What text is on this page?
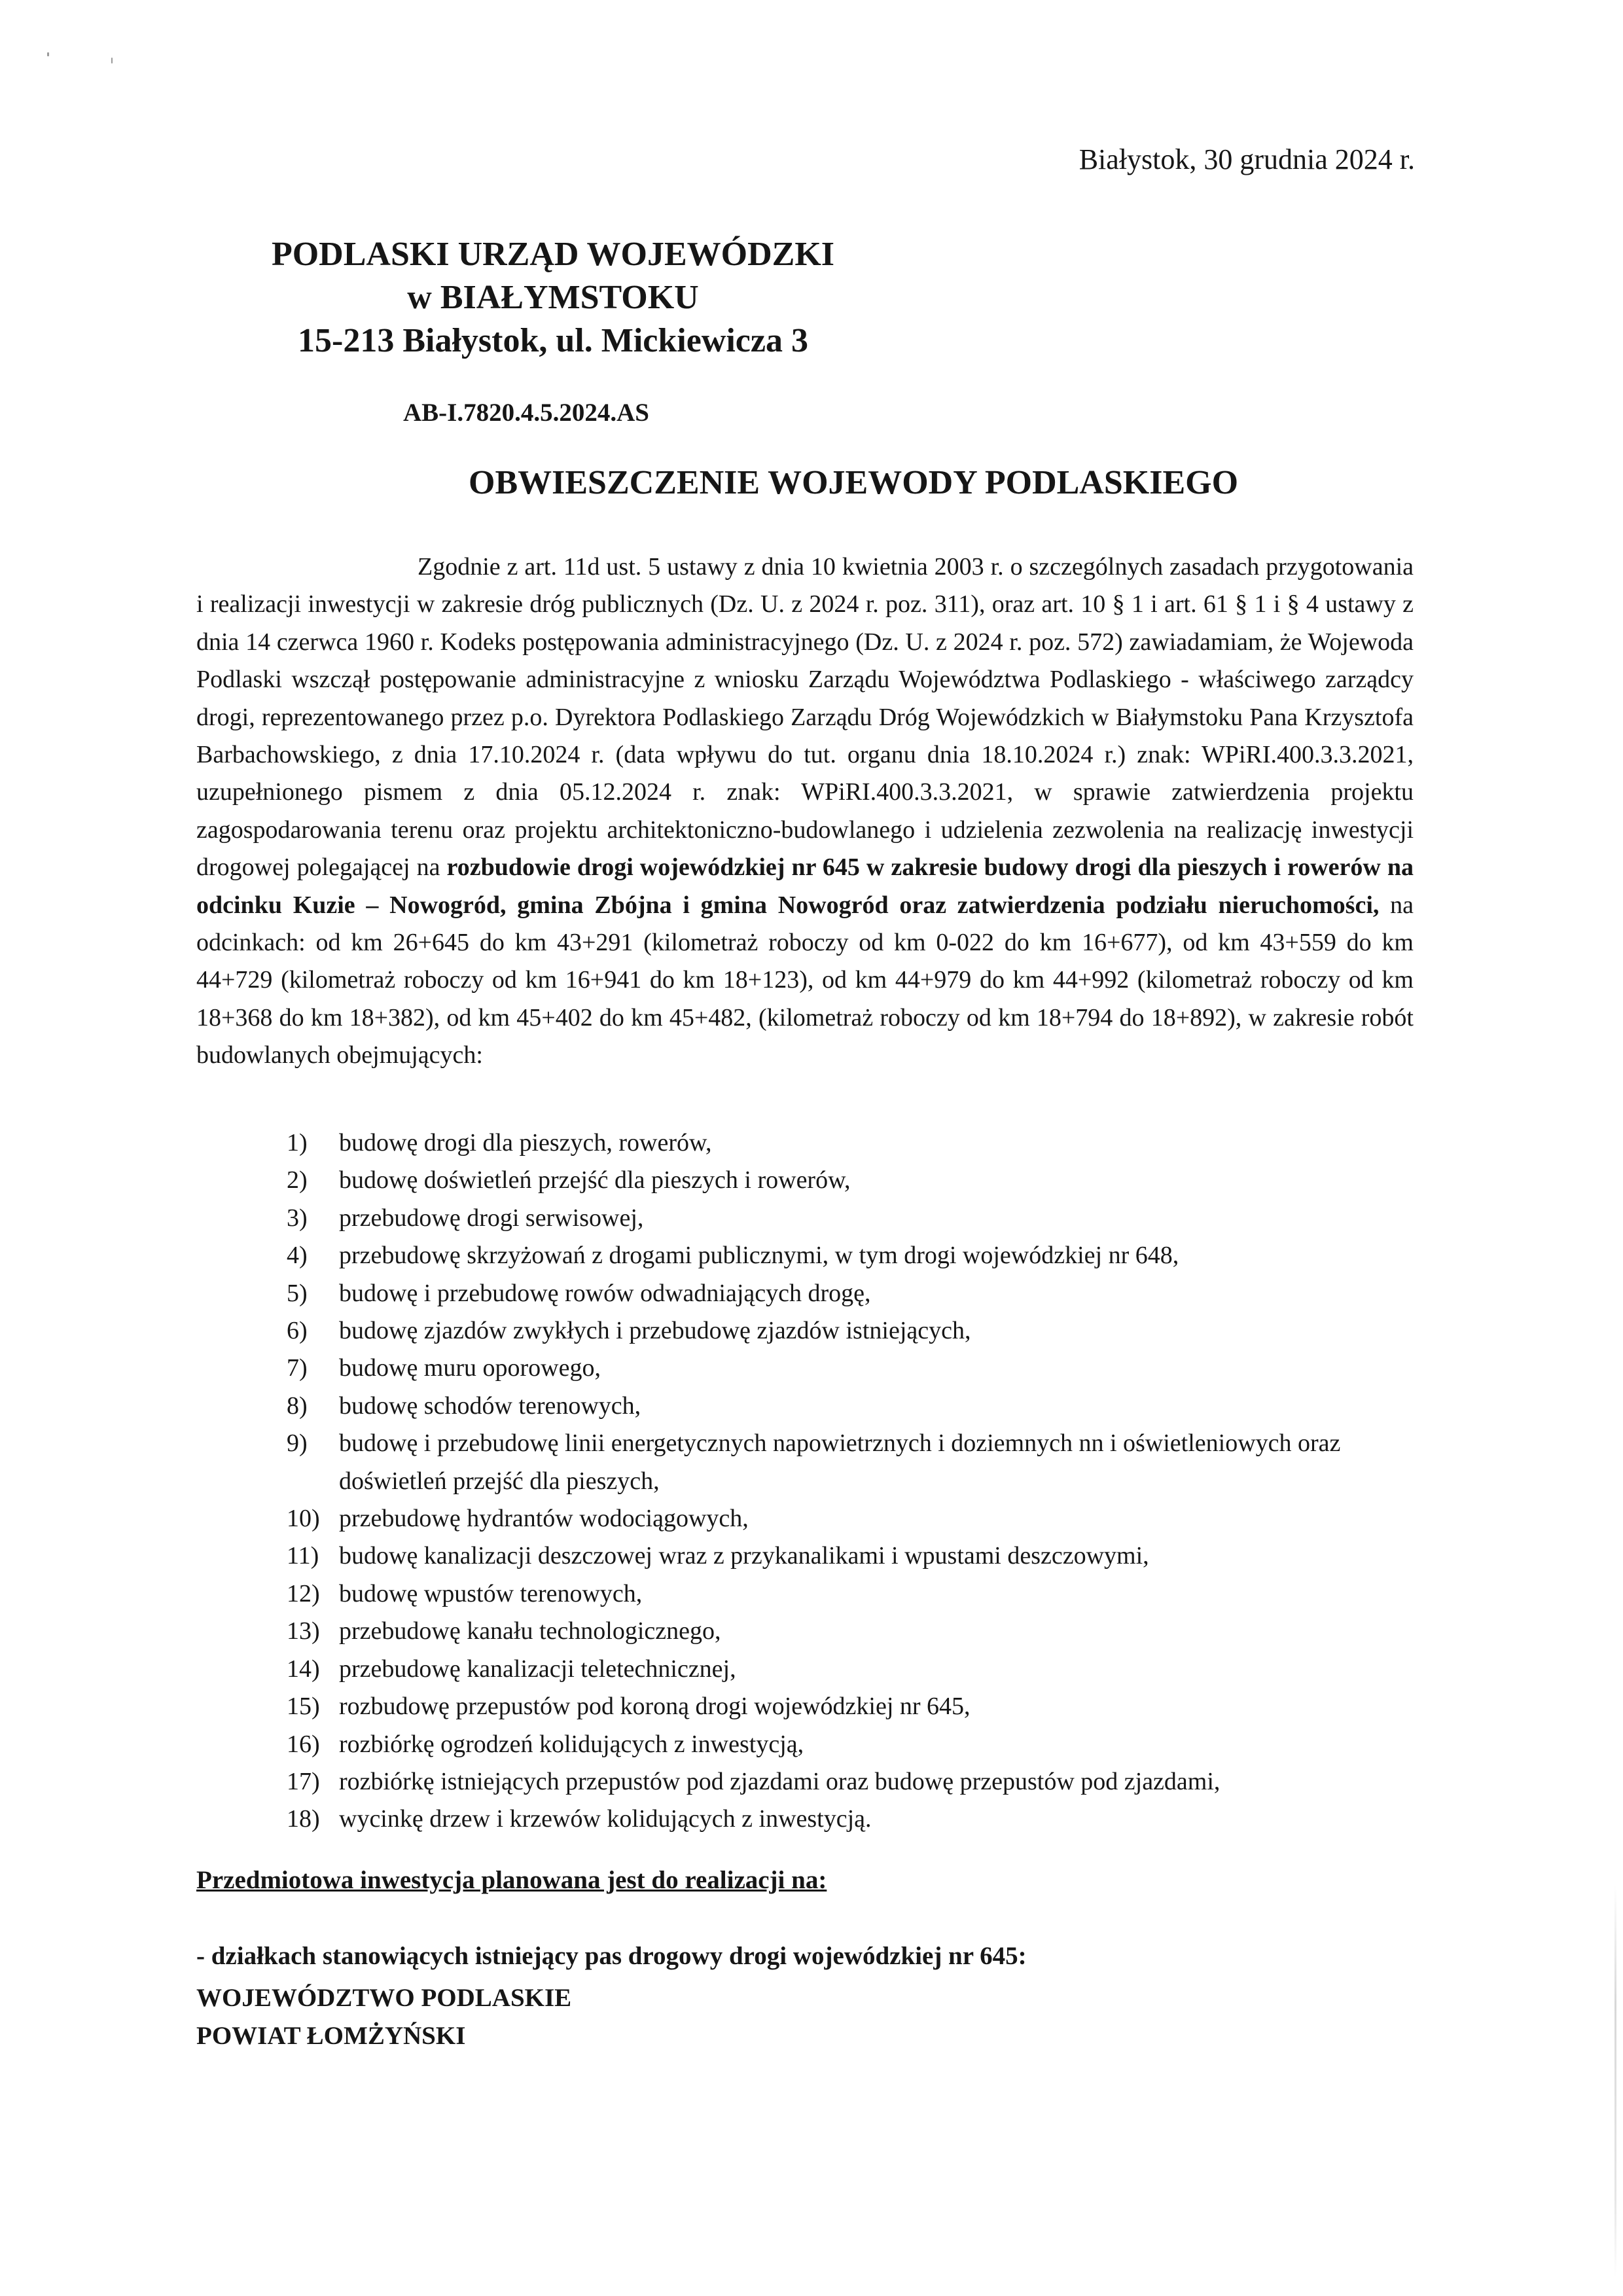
Białystok, 30 grudnia 2024 r.
PODLASKI URZĄD WOJEWÓDZKI
w BIAŁYMSTOKU
15-213 Białystok, ul. Mickiewicza 3
AB-I.7820.4.5.2024.AS
OBWIESZCZENIE WOJEWODY PODLASKIEGO

Zgodnie z art. 11d ust. 5 ustawy z dnia 10 kwietnia 2003 r. o szczególnych zasadach przygotowania i realizacji inwestycji w zakresie dróg publicznych (Dz. U. z 2024 r. poz. 311), oraz art. 10 § 1 i art. 61 § 1 i § 4 ustawy z dnia 14 czerwca 1960 r. Kodeks postępowania administracyjnego (Dz. U. z 2024 r. poz. 572) zawiadamiam, że Wojewoda Podlaski wszczął postępowanie administracyjne z wniosku Zarządu Województwa Podlaskiego - właściwego zarządcy drogi, reprezentowanego przez p.o. Dyrektora Podlaskiego Zarządu Dróg Wojewódzkich w Białymstoku Pana Krzysztofa Barbachowskiego, z dnia 17.10.2024 r. (data wpływu do tut. organu dnia 18.10.2024 r.) znak: WPiRI.400.3.3.2021, uzupełnionego pismem z dnia 05.12.2024 r. znak: WPiRI.400.3.3.2021, w sprawie zatwierdzenia projektu zagospodarowania terenu oraz projektu architektoniczno-budowlanego i udzielenia zezwolenia na realizację inwestycji drogowej polegającej na rozbudowie drogi wojewódzkiej nr 645 w zakresie budowy drogi dla pieszych i rowerów na odcinku Kuzie – Nowogród, gmina Zbójna i gmina Nowogród oraz zatwierdzenia podziału nieruchomości, na odcinkach: od km 26+645 do km 43+291 (kilometraż roboczy od km 0-022 do km 16+677), od km 43+559 do km 44+729 (kilometraż roboczy od km 16+941 do km 18+123), od km 44+979 do km 44+992 (kilometraż roboczy od km 18+368 do km 18+382), od km 45+402 do km 45+482, (kilometraż roboczy od km 18+794 do 18+892), w zakresie robót budowlanych obejmujących:

1)	budowę drogi dla pieszych, rowerów,
2)	budowę doświetleń przejść dla pieszych i rowerów,
3)	przebudowę drogi serwisowej,
4)	przebudowę skrzyżowań z drogami publicznymi, w tym drogi wojewódzkiej nr 648,
5)	budowę i przebudowę rowów odwadniających drogę,
6)	budowę zjazdów zwykłych i przebudowę zjazdów istniejących,
7)	budowę muru oporowego,
8)	budowę schodów terenowych,
9)	budowę i przebudowę linii energetycznych napowietrznych i doziemnych nn i oświetleniowych oraz doświetleń przejść dla pieszych,
10) przebudowę hydrantów wodociągowych,
11) budowę kanalizacji deszczowej wraz z przykanalikami i wpustami deszczowymi,
12) budowę wpustów terenowych,
13) przebudowę kanału technologicznego,
14) przebudowę kanalizacji teletechnicznej,
15) rozbudowę przepustów pod koroną drogi wojewódzkiej nr 645,
16) rozbiórkę ogrodzeń kolidujących z inwestycją,
17) rozbiórkę istniejących przepustów pod zjazdami oraz budowę przepustów pod zjazdami,
18) wycinkę drzew i krzewów kolidujących z inwestycją.
Przedmiotowa inwestycja planowana jest do realizacji na:
- działkach stanowiących istniejący pas drogowy drogi wojewódzkiej nr 645:
WOJEWÓDZTWO PODLASKIE
POWIAT ŁOMŻYŃSKI
